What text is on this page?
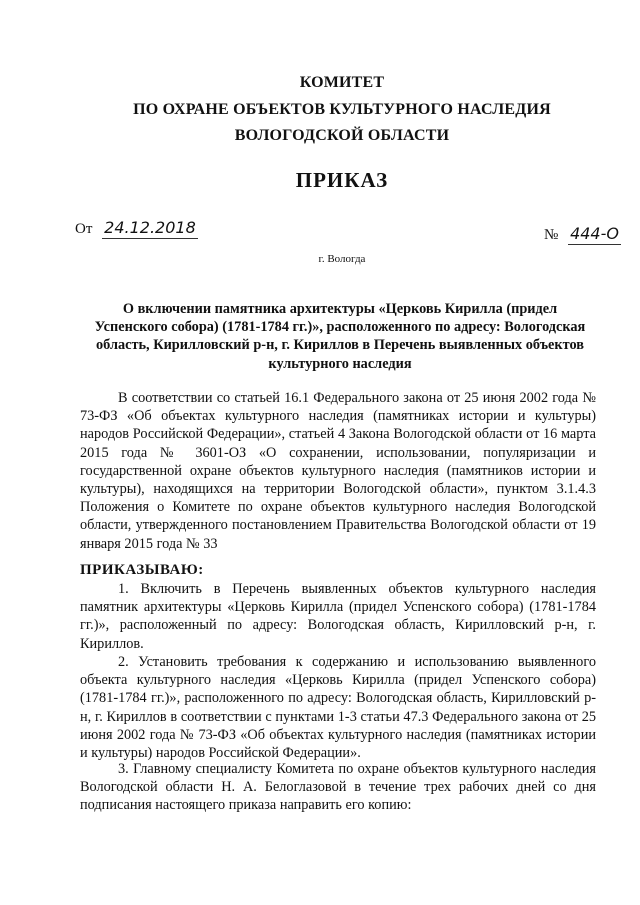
КОМИТЕТ
ПО ОХРАНЕ ОБЪЕКТОВ КУЛЬТУРНОГО НАСЛЕДИЯ
ВОЛОГОДСКОЙ ОБЛАСТИ
ПРИКАЗ
От 24.12.2018	№ 444-О
г. Вологда
О включении памятника архитектуры «Церковь Кирилла (придел Успенского собора) (1781-1784 гг.)», расположенного по адресу: Вологодская область, Кирилловский р-н, г. Кириллов в Перечень выявленных объектов культурного наследия

В соответствии со статьей 16.1 Федерального закона от 25 июня 2002 года № 73-ФЗ «Об объектах культурного наследия (памятниках истории и культуры) народов Российской Федерации», статьей 4 Закона Вологодской области от 16 марта 2015 года № 3601-ОЗ «О сохранении, использовании, популяризации и государственной охране объектов культурного наследия (памятников истории и культуры), находящихся на территории Вологодской области», пунктом 3.1.4.3 Положения о Комитете по охране объектов культурного наследия Вологодской области, утвержденного постановлением Правительства Вологодской области от 19 января 2015 года № 33

ПРИКАЗЫВАЮ:

1. Включить в Перечень выявленных объектов культурного наследия памятник архитектуры «Церковь Кирилла (придел Успенского собора) (1781-1784 гг.)», расположенный по адресу: Вологодская область, Кирилловский р-н, г. Кириллов.

2. Установить требования к содержанию и использованию выявленного объекта культурного наследия «Церковь Кирилла (придел Успенского собора) (1781-1784 гг.)», расположенного по адресу: Вологодская область, Кирилловский р-н, г. Кириллов в соответствии с пунктами 1-3 статьи 47.3 Федерального закона от 25 июня 2002 года № 73-ФЗ «Об объектах культурного наследия (памятниках истории и культуры) народов Российской Федерации».

3. Главному специалисту Комитета по охране объектов культурного наследия Вологодской области Н. А. Белоглазовой в течение трех рабочих дней со дня подписания настоящего приказа направить его копию:
